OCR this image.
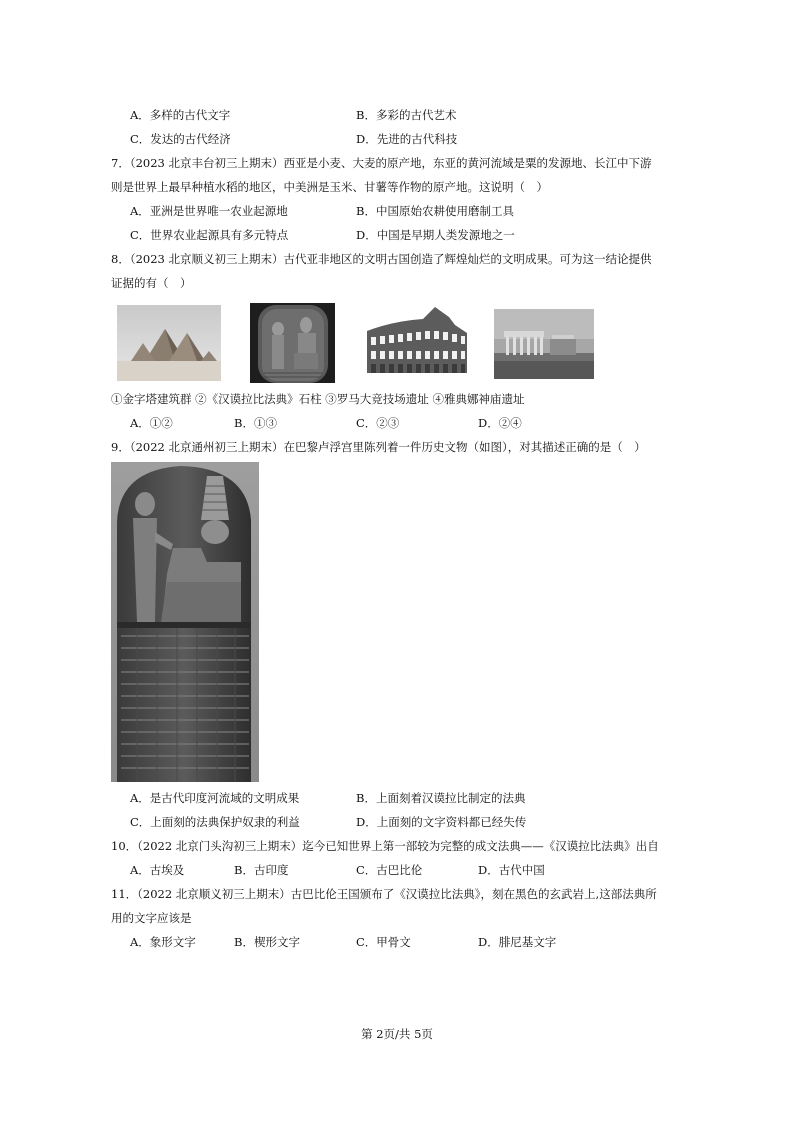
A．多样的古代文字	B．多彩的古代艺术
C．发达的古代经济	D．先进的古代科技
7．（2023 北京丰台初三上期末）西亚是小麦、大麦的原产地，东亚的黄河流域是粟的发源地、长江中下游
则是世界上最早种植水稻的地区，中美洲是玉米、甘薯等作物的原产地。这说明（　）
A．亚洲是世界唯一农业起源地	B．中国原始农耕使用磨制工具
C．世界农业起源具有多元特点	D．中国是早期人类发源地之一
8．（2023 北京顺义初三上期末）古代亚非地区的文明古国创造了辉煌灿烂的文明成果。可为这一结论提供
证据的有（　）
①金字塔建筑群 ②《汉谟拉比法典》石柱 ③罗马大竞技场遗址 ④雅典娜神庙遗址
A．①②	B．①③	C．②③	D．②④
9．（2022 北京通州初三上期末）在巴黎卢浮宫里陈列着一件历史文物（如图），对其描述正确的是（　）
A．是古代印度河流域的文明成果	B．上面刻着汉谟拉比制定的法典
C．上面刻的法典保护奴隶的利益	D．上面刻的文字资料都已经失传
10．（2022 北京门头沟初三上期末）迄今已知世界上第一部较为完整的成文法典——《汉谟拉比法典》出自
A．古埃及	B．古印度	C．古巴比伦	D．古代中国
11．（2022 北京顺义初三上期末）古巴比伦王国颁布了《汉谟拉比法典》，刻在黑色的玄武岩上,这部法典所
用的文字应该是
A．象形文字	B．楔形文字	C．甲骨文	D．腓尼基文字
第 2页/共 5页
